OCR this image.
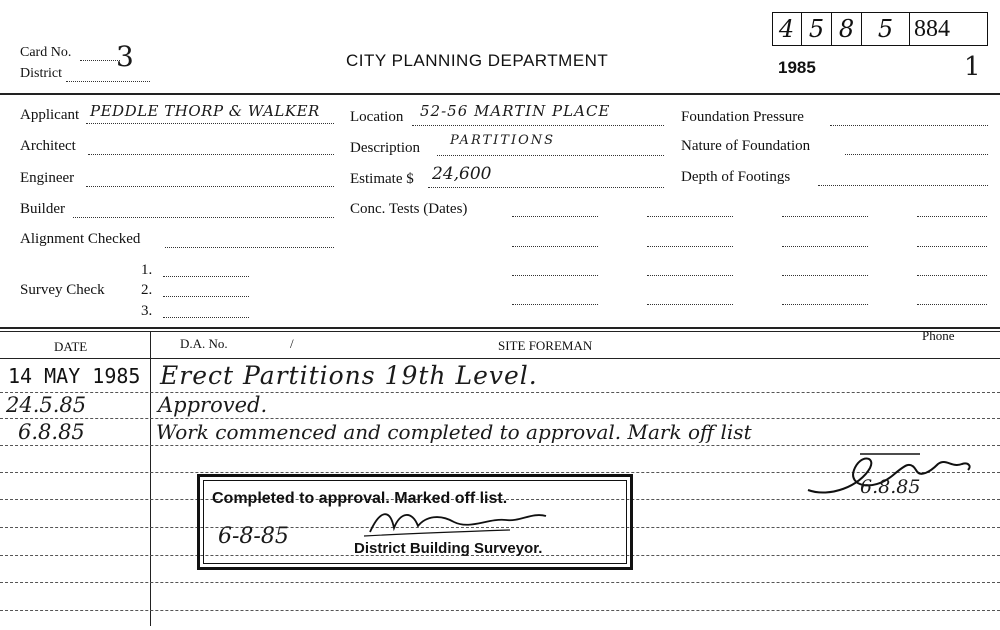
Card No. 3
District
CITY PLANNING DEPARTMENT
4 5 8 5 884
1985	1
Applicant PEDDLE THORP & WALKER
Architect
Engineer
Builder
Alignment Checked
Survey Check
1.
2.
3.
Location 52-56 MARTIN PLACE
Description PARTITIONS
Estimate $ 24,600
Conc. Tests (Dates)
Foundation Pressure
Nature of Foundation
Depth of Footings
DATE	D.A. No.	/	SITE FOREMAN
Phone
14 MAY 1985 Erect Partitions 19th Level.
24.5.85	Approved.
6.8.85	Work commenced and completed to approval. Mark off list
6.8.85
Completed to approval. Marked off list.
6-8-85	District Building Surveyor.
